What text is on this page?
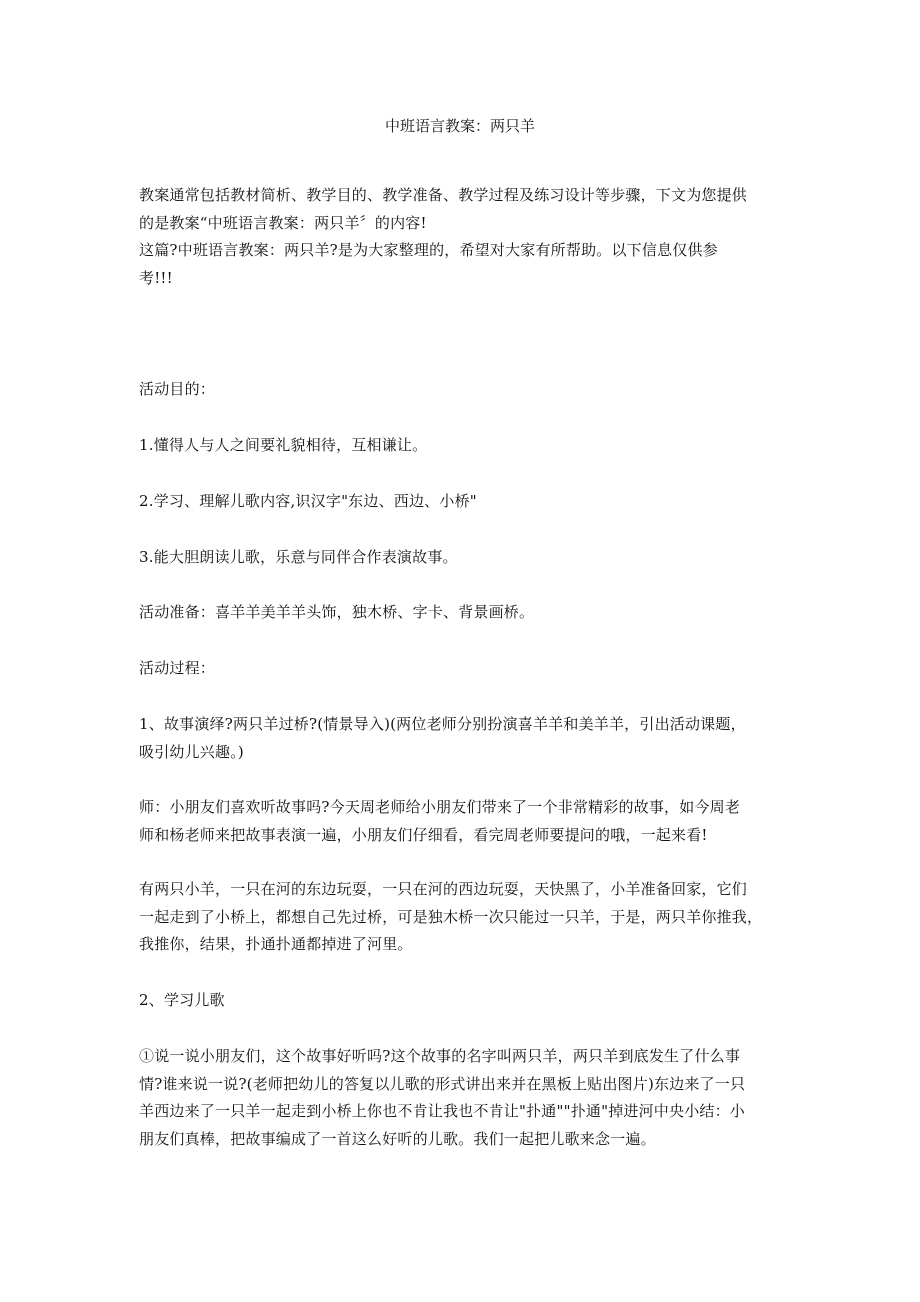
中班语言教案：两只羊
教案通常包括教材简析、教学目的、教学准备、教学过程及练习设计等步骤，下文为您提供
的是教案“中班语言教案：两只羊〞的内容!
这篇?中班语言教案：两只羊?是为大家整理的，希望对大家有所帮助。以下信息仅供参
考!!!
活动目的：
1.懂得人与人之间要礼貌相待，互相谦让。
2.学习、理解儿歌内容,识汉字"东边、西边、小桥"
3.能大胆朗读儿歌，乐意与同伴合作表演故事。
活动准备：喜羊羊美羊羊头饰，独木桥、字卡、背景画桥。
活动过程：
1、故事演绎?两只羊过桥?(情景导入)(两位老师分别扮演喜羊羊和美羊羊，引出活动课题，
吸引幼儿兴趣。)
师：小朋友们喜欢听故事吗?今天周老师给小朋友们带来了一个非常精彩的故事，如今周老
师和杨老师来把故事表演一遍，小朋友们仔细看，看完周老师要提问的哦，一起来看!
有两只小羊，一只在河的东边玩耍，一只在河的西边玩耍，天快黑了，小羊准备回家，它们
一起走到了小桥上，都想自己先过桥，可是独木桥一次只能过一只羊，于是，两只羊你推我，
我推你，结果，扑通扑通都掉进了河里。
2、学习儿歌
①说一说小朋友们，这个故事好听吗?这个故事的名字叫两只羊，两只羊到底发生了什么事
情?谁来说一说?(老师把幼儿的答复以儿歌的形式讲出来并在黑板上贴出图片)东边来了一只
羊西边来了一只羊一起走到小桥上你也不肯让我也不肯让"扑通""扑通"掉进河中央小结：小
朋友们真棒，把故事编成了一首这么好听的儿歌。我们一起把儿歌来念一遍。
